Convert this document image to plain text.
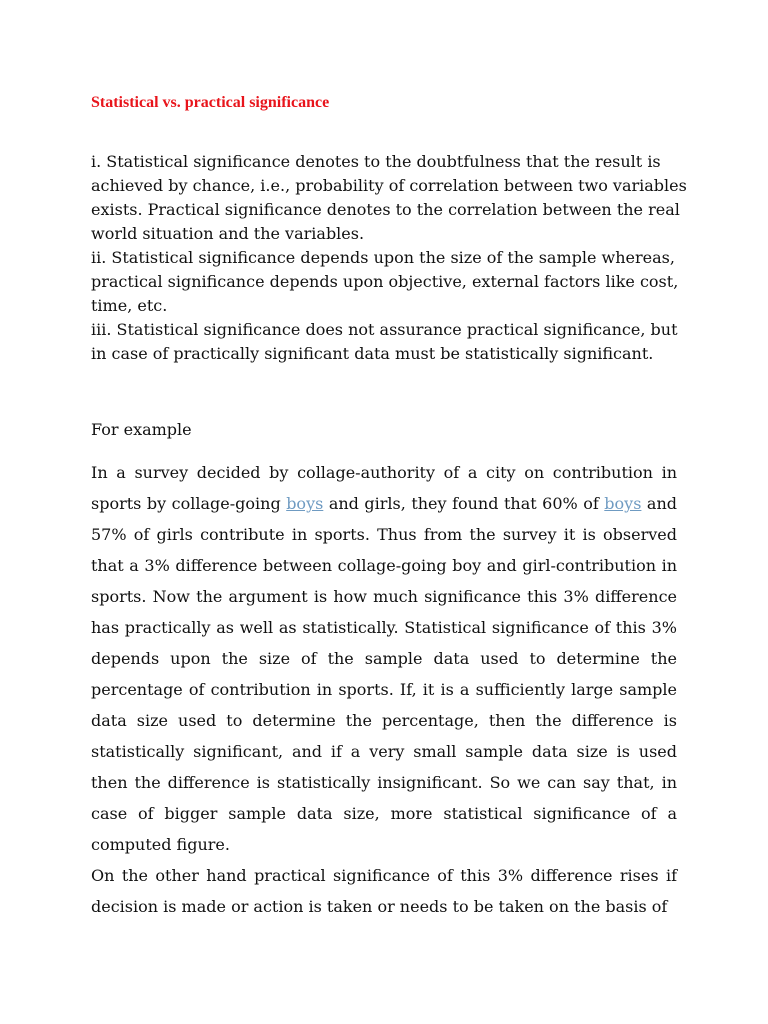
Statistical vs. practical significance

i. Statistical significance denotes to the doubtfulness that the result is achieved by chance, i.e., probability of correlation between two variables exists. Practical significance denotes to the correlation between the real world situation and the variables.

ii. Statistical significance depends upon the size of the sample whereas, practical significance depends upon objective, external factors like cost, time, etc.

iii. Statistical significance does not assurance practical significance, but in case of practically significant data must be statistically significant.

For example

In a survey decided by collage-authority of a city on contribution in sports by collage-going boys and girls, they found that 60% of boys and 57% of girls contribute in sports. Thus from the survey it is observed that a 3% difference between collage-going boy and girl-contribution in sports. Now the argument is how much significance this 3% difference has practically as well as statistically. Statistical significance of this 3% depends upon the size of the sample data used to determine the percentage of contribution in sports. If, it is a sufficiently large sample data size used to determine the percentage, then the difference is statistically significant, and if a very small sample data size is used then the difference is statistically insignificant. So we can say that, in case of bigger sample data size, more statistical significance of a computed figure.

On the other hand practical significance of this 3% difference rises if decision is made or action is taken or needs to be taken on the basis of
